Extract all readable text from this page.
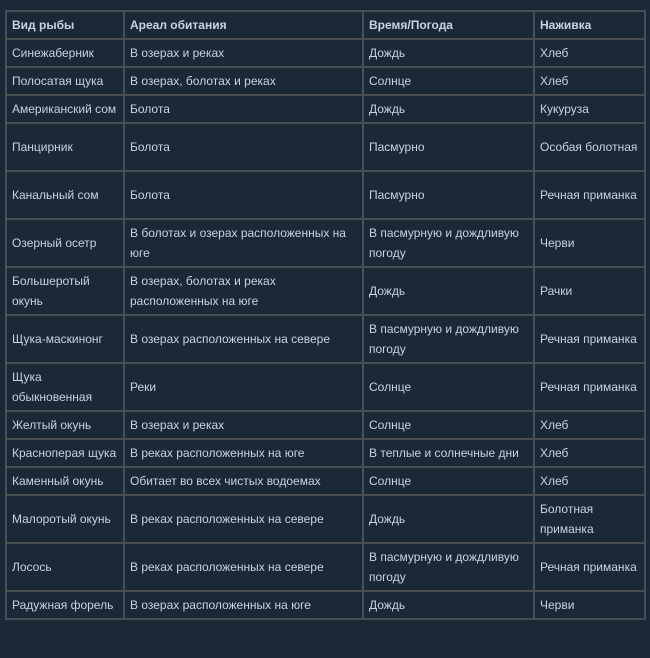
Вид рыбы	Ареал обитания	Время/Погода	Наживка
Синежаберник	В озерах и реках	Дождь	Хлеб
Полосатая щука	В озерах, болотах и реках	Солнце	Хлеб
Американский сом	Болота	Дождь	Кукуруза
Панцирник	Болота	Пасмурно	Особая болотная
Канальный сом	Болота	Пасмурно	Речная приманка
Озерный осетр	В болотах и озерах расположенных на юге	В пасмурную и дождливую погоду	Черви
Большеротый окунь	В озерах, болотах и реках расположенных на юге	Дождь	Рачки
Щука-маскинонг	В озерах расположенных на севере	В пасмурную и дождливую погоду	Речная приманка
Щука обыкновенная	Реки	Солнце	Речная приманка
Желтый окунь	В озерах и реках	Солнце	Хлеб
Красноперая щука	В реках расположенных на юге	В теплые и солнечные дни	Хлеб
Каменный окунь	Обитает во всех чистых водоемах	Солнце	Хлеб
Малоротый окунь	В реках расположенных на севере	Дождь	Болотная приманка
Лосось	В реках расположенных на севере	В пасмурную и дождливую погоду	Речная приманка
Радужная форель	В озерах расположенных на юге	Дождь	Черви
